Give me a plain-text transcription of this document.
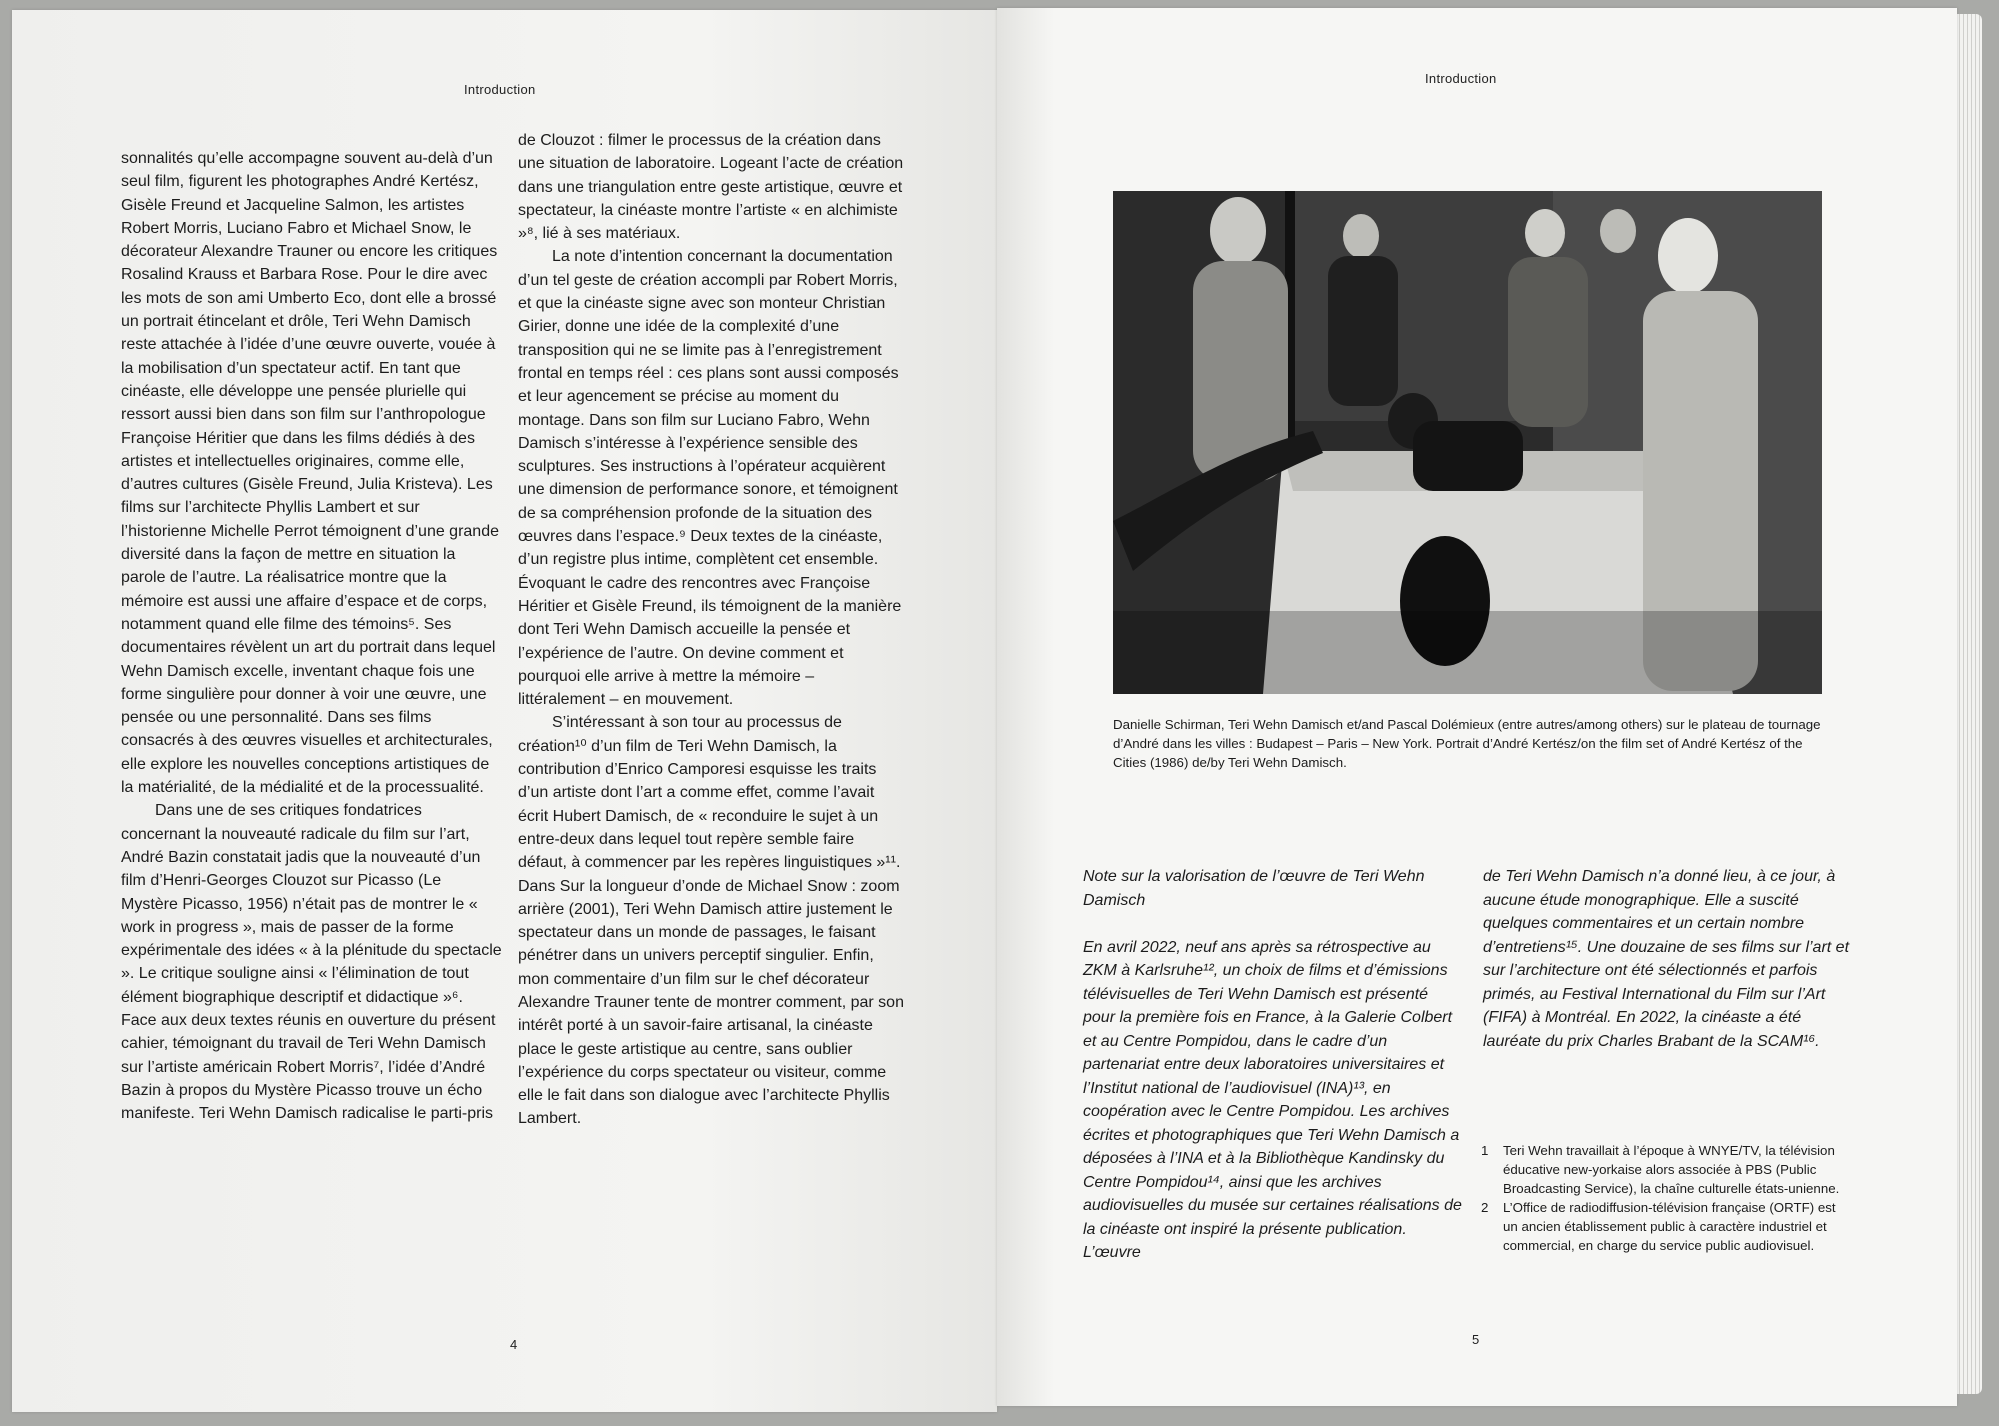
Introduction

sonnalités qu’elle accompagne souvent au-delà d’un seul film, figurent les photographes André Kertész, Gisèle Freund et Jacqueline Salmon, les artistes Robert Morris, Luciano Fabro et Michael Snow, le décorateur Alexandre Trauner ou encore les critiques Rosalind Krauss et Barbara Rose. Pour le dire avec les mots de son ami Umberto Eco, dont elle a brossé un portrait étincelant et drôle, Teri Wehn Damisch reste attachée à l’idée d’une œuvre ouverte, vouée à la mobilisation d’un spectateur actif. En tant que cinéaste, elle développe une pensée plurielle qui ressort aussi bien dans son film sur l’anthropologue Françoise Héritier que dans les films dédiés à des artistes et intellectuelles originaires, comme elle, d’autres cultures (Gisèle Freund, Julia Kristeva). Les films sur l’architecte Phyllis Lambert et sur l’historienne Michelle Perrot témoignent d’une grande diversité dans la façon de mettre en situation la parole de l’autre. La réalisatrice montre que la mémoire est aussi une affaire d’espace et de corps, notamment quand elle filme des témoins⁵. Ses documentaires révèlent un art du portrait dans lequel Wehn Damisch excelle, inventant chaque fois une forme singulière pour donner à voir une œuvre, une pensée ou une personnalité. Dans ses films consacrés à des œuvres visuelles et architecturales, elle explore les nouvelles conceptions artistiques de la matérialité, de la médialité et de la processualité.

Dans une de ses critiques fondatrices concernant la nouveauté radicale du film sur l’art, André Bazin constatait jadis que la nouveauté d’un film d’Henri-Georges Clouzot sur Picasso (Le Mystère Picasso, 1956) n’était pas de montrer le « work in progress », mais de passer de la forme expérimentale des idées « à la plénitude du spectacle ». Le critique souligne ainsi « l’élimination de tout élément biographique descriptif et didactique »⁶. Face aux deux textes réunis en ouverture du présent cahier, témoignant du travail de Teri Wehn Damisch sur l’artiste américain Robert Morris⁷, l’idée d’André Bazin à propos du Mystère Picasso trouve un écho manifeste. Teri Wehn Damisch radicalise le parti-pris

de Clouzot : filmer le processus de la création dans une situation de laboratoire. Logeant l’acte de création dans une triangulation entre geste artistique, œuvre et spectateur, la cinéaste montre l’artiste « en alchimiste »⁸, lié à ses matériaux.

La note d’intention concernant la documentation d’un tel geste de création accompli par Robert Morris, et que la cinéaste signe avec son monteur Christian Girier, donne une idée de la complexité d’une transposition qui ne se limite pas à l’enregistrement frontal en temps réel : ces plans sont aussi composés et leur agencement se précise au moment du montage. Dans son film sur Luciano Fabro, Wehn Damisch s’intéresse à l’expérience sensible des sculptures. Ses instructions à l’opérateur acquièrent une dimension de performance sonore, et témoignent de sa compréhension profonde de la situation des œuvres dans l’espace.⁹ Deux textes de la cinéaste, d’un registre plus intime, complètent cet ensemble. Évoquant le cadre des rencontres avec Françoise Héritier et Gisèle Freund, ils témoignent de la manière dont Teri Wehn Damisch accueille la pensée et l’expérience de l’autre. On devine comment et pourquoi elle arrive à mettre la mémoire – littéralement – en mouvement.

S’intéressant à son tour au processus de création¹⁰ d’un film de Teri Wehn Damisch, la contribution d’Enrico Camporesi esquisse les traits d’un artiste dont l’art a comme effet, comme l’avait écrit Hubert Damisch, de « reconduire le sujet à un entre-deux dans lequel tout repère semble faire défaut, à commencer par les repères linguistiques »¹¹. Dans Sur la longueur d’onde de Michael Snow : zoom arrière (2001), Teri Wehn Damisch attire justement le spectateur dans un monde de passages, le faisant pénétrer dans un univers perceptif singulier. Enfin, mon commentaire d’un film sur le chef décorateur Alexandre Trauner tente de montrer comment, par son intérêt porté à un savoir-faire artisanal, la cinéaste place le geste artistique au centre, sans oublier l’expérience du corps spectateur ou visiteur, comme elle le fait dans son dialogue avec l’architecte Phyllis Lambert.

4
Introduction
Danielle Schirman, Teri Wehn Damisch et/and Pascal Dolémieux (entre autres/among others) sur le plateau de tournage d’André dans les villes : Budapest – Paris – New York. Portrait d’André Kertész/on the film set of André Kertész of the Cities (1986) de/by Teri Wehn Damisch.

Note sur la valorisation de l’œuvre de Teri Wehn Damisch

En avril 2022, neuf ans après sa rétrospective au ZKM à Karlsruhe¹², un choix de films et d’émissions télévisuelles de Teri Wehn Damisch est présenté pour la première fois en France, à la Galerie Colbert et au Centre Pompidou, dans le cadre d’un partenariat entre deux laboratoires universitaires et l’Institut national de l’audiovisuel (INA)¹³, en coopération avec le Centre Pompidou. Les archives écrites et photographiques que Teri Wehn Damisch a déposées à l’INA et à la Bibliothèque Kandinsky du Centre Pompidou¹⁴, ainsi que les archives audiovisuelles du musée sur certaines réalisations de la cinéaste ont inspiré la présente publication. L’œuvre

de Teri Wehn Damisch n’a donné lieu, à ce jour, à aucune étude monographique. Elle a suscité quelques commentaires et un certain nombre d’entretiens¹⁵. Une douzaine de ses films sur l’art et sur l’architecture ont été sélectionnés et parfois primés, au Festival International du Film sur l’Art (FIFA) à Montréal. En 2022, la cinéaste a été lauréate du prix Charles Brabant de la SCAM¹⁶.

1	Teri Wehn travaillait à l’époque à WNYE/TV, la télévision éducative new-yorkaise alors associée à PBS (Public Broadcasting Service), la chaîne culturelle états-unienne.
2	L’Office de radiodiffusion-télévision française (ORTF) est un ancien établissement public à caractère industriel et commercial, en charge du service public audiovisuel.
5
